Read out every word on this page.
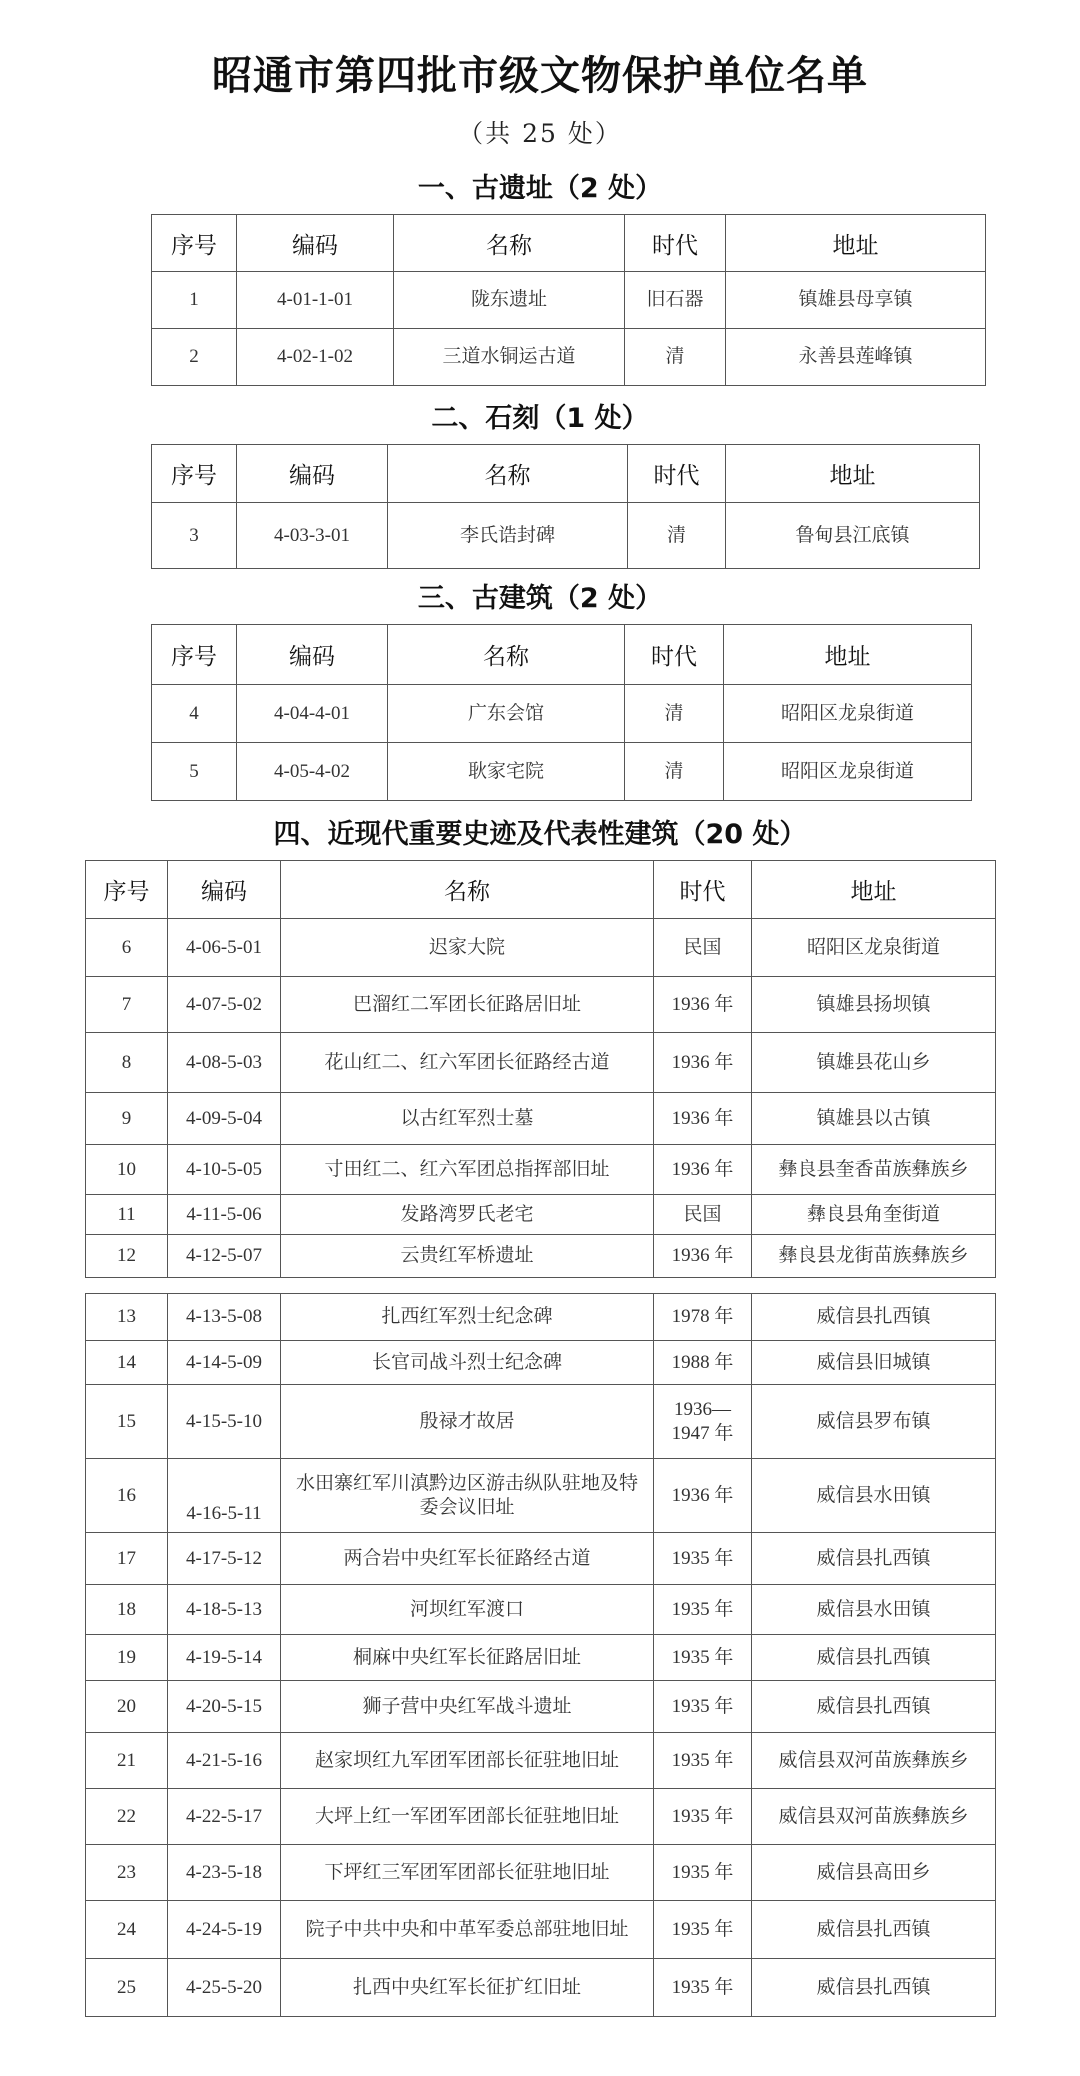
昭通市第四批市级文物保护单位名单
（共 25 处）
一、古遗址（2 处）
序号	编码	名称	时代	地址
1	4-01-1-01	陇东遗址	旧石器	镇雄县母享镇
2	4-02-1-02	三道水铜运古道	清	永善县莲峰镇
二、石刻（1 处）
序号	编码	名称	时代	地址
3	4-03-3-01	李氏诰封碑	清	鲁甸县江底镇
三、古建筑（2 处）
序号	编码	名称	时代	地址
4	4-04-4-01	广东会馆	清	昭阳区龙泉街道
5	4-05-4-02	耿家宅院	清	昭阳区龙泉街道
四、近现代重要史迹及代表性建筑（20 处）
序号	编码	名称	时代	地址
6	4-06-5-01	迟家大院	民国	昭阳区龙泉街道
7	4-07-5-02	巴溜红二军团长征路居旧址	1936 年	镇雄县扬坝镇
8	4-08-5-03	花山红二、红六军团长征路经古道	1936 年	镇雄县花山乡
9	4-09-5-04	以古红军烈士墓	1936 年	镇雄县以古镇
10	4-10-5-05	寸田红二、红六军团总指挥部旧址	1936 年	彝良县奎香苗族彝族乡
11	4-11-5-06	发路湾罗氏老宅	民国	彝良县角奎街道
12	4-12-5-07	云贵红军桥遗址	1936 年	彝良县龙街苗族彝族乡
13	4-13-5-08	扎西红军烈士纪念碑	1978 年	威信县扎西镇
14	4-14-5-09	长官司战斗烈士纪念碑	1988 年	威信县旧城镇
15	4-15-5-10	殷禄才故居	1936—1947 年	威信县罗布镇
16	4-16-5-11	水田寨红军川滇黔边区游击纵队驻地及特委会议旧址	1936 年	威信县水田镇
17	4-17-5-12	两合岩中央红军长征路经古道	1935 年	威信县扎西镇
18	4-18-5-13	河坝红军渡口	1935 年	威信县水田镇
19	4-19-5-14	桐麻中央红军长征路居旧址	1935 年	威信县扎西镇
20	4-20-5-15	狮子营中央红军战斗遗址	1935 年	威信县扎西镇
21	4-21-5-16	赵家坝红九军团军团部长征驻地旧址	1935 年	威信县双河苗族彝族乡
22	4-22-5-17	大坪上红一军团军团部长征驻地旧址	1935 年	威信县双河苗族彝族乡
23	4-23-5-18	下坪红三军团军团部长征驻地旧址	1935 年	威信县高田乡
24	4-24-5-19	院子中共中央和中革军委总部驻地旧址	1935 年	威信县扎西镇
25	4-25-5-20	扎西中央红军长征扩红旧址	1935 年	威信县扎西镇
